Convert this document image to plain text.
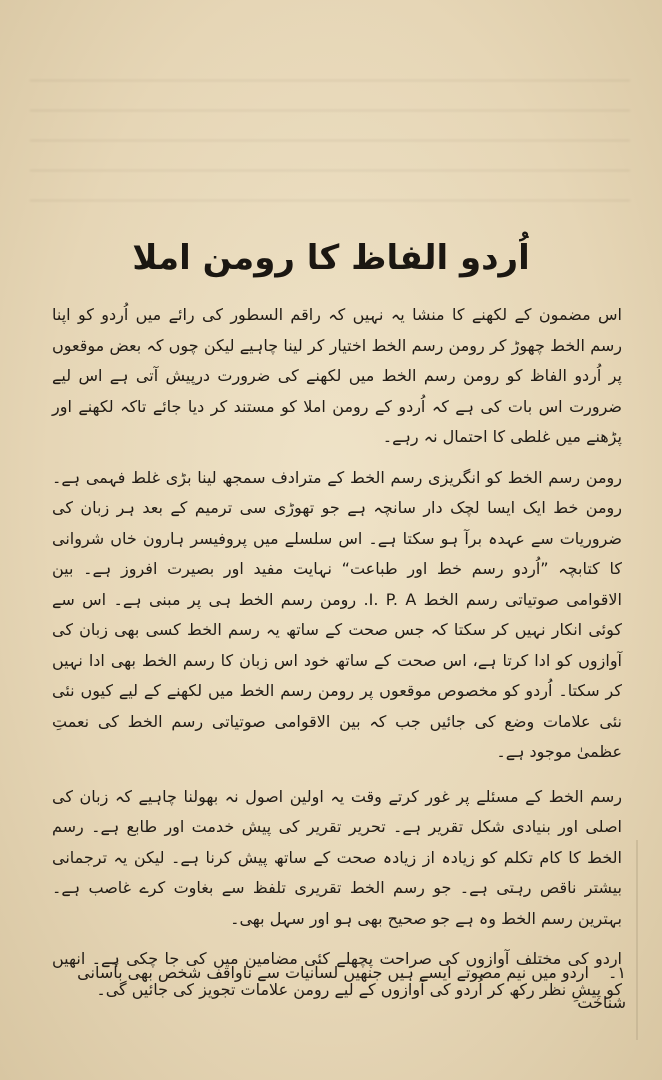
اُردو الفاظ کا رومن املا

اس مضمون کے لکھنے کا منشا یہ نہیں کہ راقم السطور کی رائے میں اُردو کو اپنا رسم الخط چھوڑ کر رومن رسم الخط اختیار کر لینا چاہیے لیکن چوں کہ بعض موقعوں پر اُردو الفاظ کو رومن رسم الخط میں لکھنے کی ضرورت درپیش آتی ہے اس لیے ضرورت اس بات کی ہے کہ اُردو کے رومن املا کو مستند کر دیا جائے تاکہ لکھنے اور پڑھنے میں غلطی کا احتمال نہ رہے۔

رومن رسم الخط کو انگریزی رسم الخط کے مترادف سمجھ لینا بڑی غلط فہمی ہے۔ رومن خط ایک ایسا لچک دار سانچہ ہے جو تھوڑی سی ترمیم کے بعد ہر زبان کی ضروریات سے عہدہ برآ ہو سکتا ہے۔ اس سلسلے میں پروفیسر ہارون خاں شروانی کا کتابچہ ”اُردو رسم خط اور طباعت“ نہایت مفید اور بصیرت افروز ہے۔ بین الاقوامی صوتیاتی رسم الخط I. P. A. رومن رسم الخط ہی پر مبنی ہے۔ اس سے کوئی انکار نہیں کر سکتا کہ جس صحت کے ساتھ یہ رسم الخط کسی بھی زبان کی آوازوں کو ادا کرتا ہے، اس صحت کے ساتھ خود اس زبان کا رسم الخط بھی ادا نہیں کر سکتا۔ اُردو کو مخصوص موقعوں پر رومن رسم الخط میں لکھنے کے لیے کیوں نئی نئی علامات وضع کی جائیں جب کہ بین الاقوامی صوتیاتی رسم الخط کی نعمتِ عظمیٰ موجود ہے۔

رسم الخط کے مسئلے پر غور کرتے وقت یہ اولین اصول نہ بھولنا چاہیے کہ زبان کی اصلی اور بنیادی شکل تقریر ہے۔ تحریر تقریر کی پیش خدمت اور طابع ہے۔ رسم الخط کا کام تکلم کو زیادہ از زیادہ صحت کے ساتھ پیش کرنا ہے۔ لیکن یہ ترجمانی بیشتر ناقص رہتی ہے۔ جو رسم الخط تقریری تلفظ سے بغاوت کرے غاصب ہے۔ بہترین رسم الخط وہ ہے جو صحیح بھی ہو اور سہل بھی۔

اردو کی مختلف آوازوں کی صراحت پچھلے کئی مضامین میں کی جا چکی ہے۔ انھیں کو پیشِ نظر رکھ کر اُردو کی آوازوں کے لیے رومن علامات تجویز کی جائیں گی۔

۱۔ اردو میں نیم مصوتے ایسے ہیں جنھیں لسانیات سے ناواقف شخص بھی بآسانی شناخت
